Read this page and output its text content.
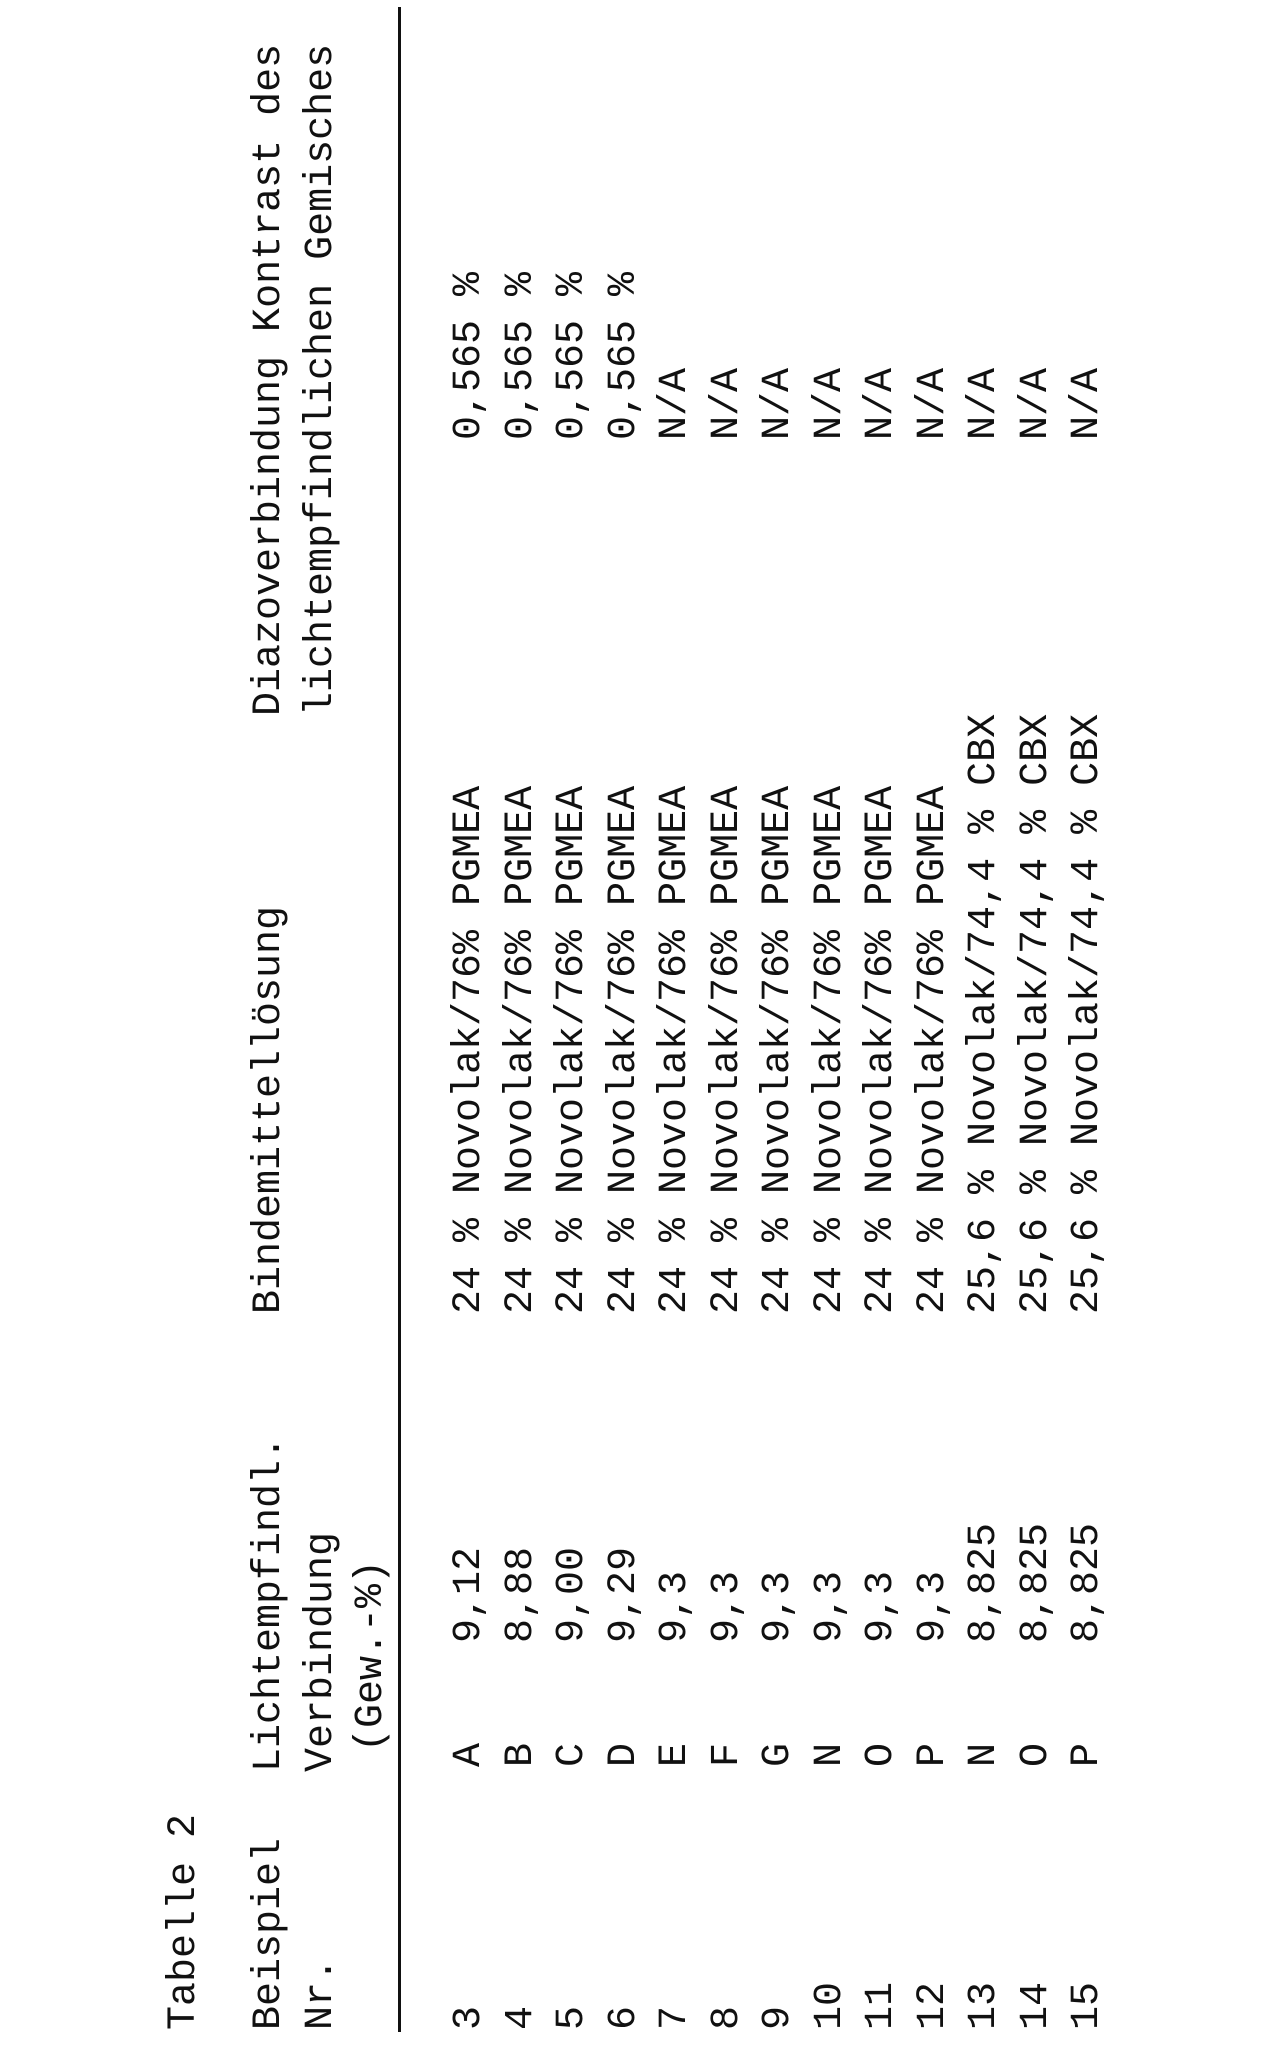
Tabelle 2 Beispiel Nr.
Lichtempfindl. Verbindung (Gew.-%)
Bindemittellösung
Diazoverbindung Kontrast des lichtempfindlichen Gemisches
3
A
9,12
24 % Novolak/76% PGMEA
0,565 %
4
B
8,88
24 % Novolak/76% PGMEA
0,565 %
5
C
9,00
24 % Novolak/76% PGMEA
0,565 %
6
D
9,29
24 % Novolak/76% PGMEA
0,565 %
7
E
9,3
24 % Novolak/76% PGMEA
N/A
8
F
9,3
24 % Novolak/76% PGMEA
N/A
9
G
9,3
24 % Novolak/76% PGMEA
N/A
10
N
9,3
24 % Novolak/76% PGMEA
N/A
11
O
9,3
24 % Novolak/76% PGMEA
N/A
12
P
9,3
24 % Novolak/76% PGMEA
N/A
13
N
8,825
25,6 % Novolak/74,4 % CBX
N/A
14
O
8,825
25,6 % Novolak/74,4 % CBX
N/A
15
P
8,825
25,6 % Novolak/74,4 % CBX
N/A
